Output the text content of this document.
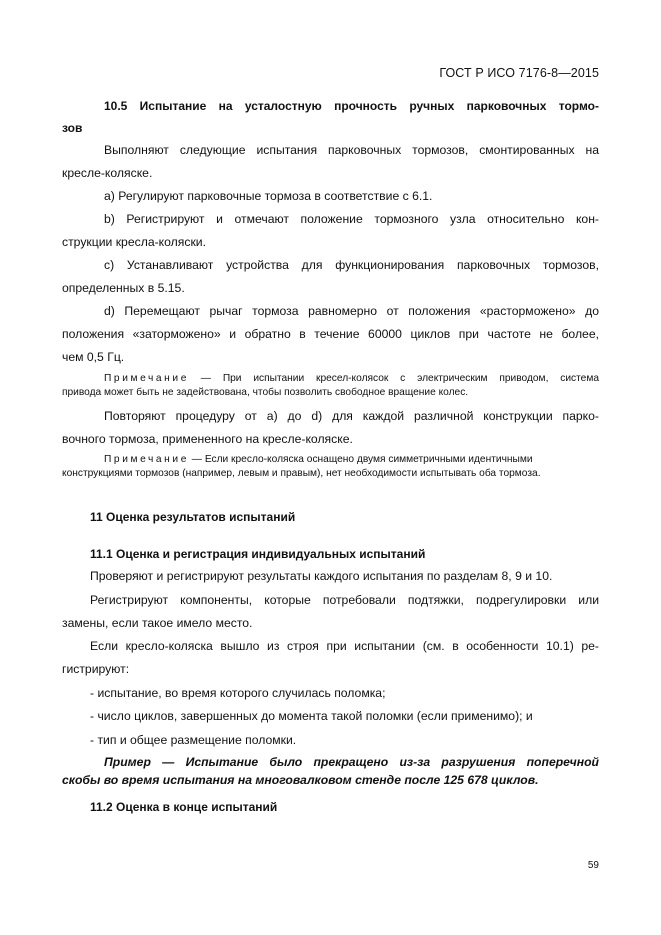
ГОСТ Р ИСО 7176-8—2015
10.5 Испытание на усталостную прочность ручных парковочных тормо-
зов
Выполняют следующие испытания парковочных тормозов, смонтированных на
кресле-коляске.
а) Регулируют парковочные тормоза в соответствие с 6.1.
b) Регистрируют и отмечают положение тормозного узла относительно кон-
струкции кресла-коляски.
с) Устанавливают устройства для функционирования парковочных тормозов,
определенных в 5.15.
d) Перемещают рычаг тормоза равномерно от положения «расторможено» до
положения «заторможено» и обратно в течение 60000 циклов при частоте не более,
чем 0,5 Гц.
Примечание — При испытании кресел-колясок с электрическим приводом, система
привода может быть не задействована, чтобы позволить свободное вращение колес.
Повторяют процедуру от а) до d) для каждой различной конструкции парко-
вочного тормоза, примененного на кресле-коляске.
Примечание — Если кресло-коляска оснащено двумя симметричными идентичными
конструкциями тормозов (например, левым и правым), нет необходимости испытывать оба тормоза.
11 Оценка результатов испытаний
11.1 Оценка и регистрация индивидуальных испытаний
Проверяют и регистрируют результаты каждого испытания по разделам 8, 9 и 10.
Регистрируют компоненты, которые потребовали подтяжки, подрегулировки или
замены, если такое имело место.
Если кресло-коляска вышло из строя при испытании (см. в особенности 10.1) ре-
гистрируют:
- испытание, во время которого случилась поломка;
- число циклов, завершенных до момента такой поломки (если применимо); и
- тип и общее размещение поломки.
Пример — Испытание было прекращено из-за разрушения поперечной
скобы во время испытания на многовалковом стенде после 125 678 циклов.
11.2 Оценка в конце испытаний
59
